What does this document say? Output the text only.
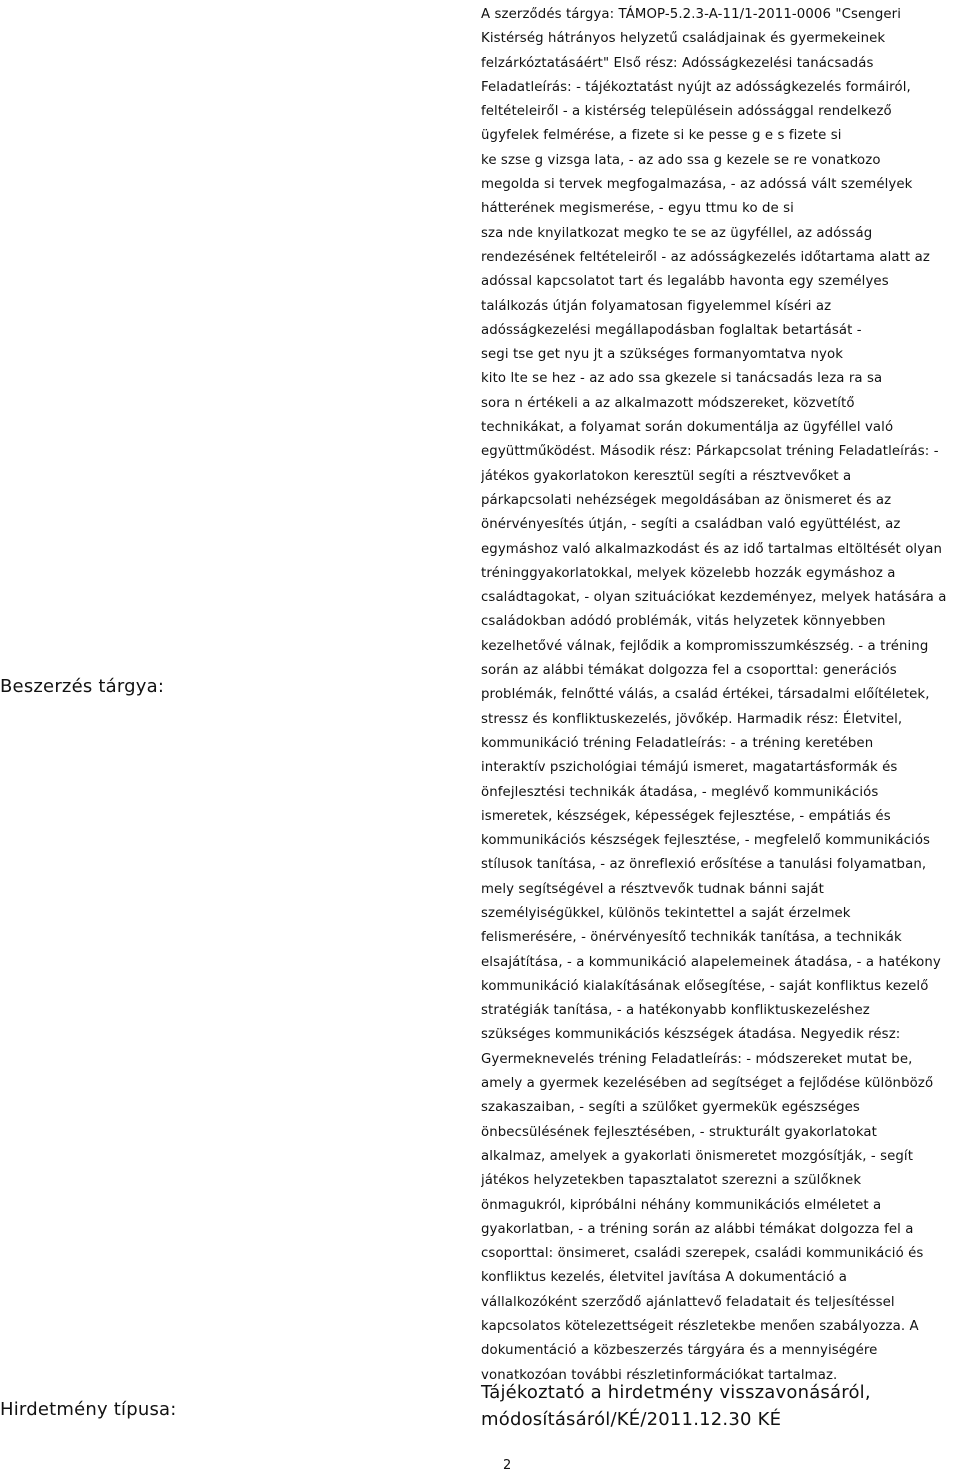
Beszerzés tárgya:
Hirdetmény típusa:
A szerződés tárgya: TÁMOP-5.2.3-A-11/1-2011-0006 "Csengeri
Kistérség hátrányos helyzetű családjainak és gyermekeinek
felzárkóztatásáért" Első rész: Adósságkezelési tanácsadás
Feladatleírás: - tájékoztatást nyújt az adósságkezelés formáiról,
feltételeiről - a kistérség településein adóssággal rendelkező
ügyfelek felmérése, a fizete si ke pesse g e s fizete si
ke szse g vizsga lata, - az ado ssa g kezele se re vonatkozo
megolda si tervek megfogalmazása, - az adóssá vált személyek
hátterének megismerése, - egyu ttmu ko de si
sza nde knyilatkozat megko te se az ügyféllel, az adósság
rendezésének feltételeiről - az adósságkezelés időtartama alatt az
adóssal kapcsolatot tart és legalább havonta egy személyes
találkozás útján folyamatosan figyelemmel kíséri az
adósságkezelési megállapodásban foglaltak betartását -
segi tse get nyu jt a szükséges formanyomtatva nyok
kito lte se hez - az ado ssa gkezele si tanácsadás leza ra sa
sora n értékeli a az alkalmazott módszereket, közvetítő
technikákat, a folyamat során dokumentálja az ügyféllel való
együttműködést. Második rész: Párkapcsolat tréning Feladatleírás: -
játékos gyakorlatokon keresztül segíti a résztvevőket a
párkapcsolati nehézségek megoldásában az önismeret és az
önérvényesítés útján, - segíti a családban való együttélést, az
egymáshoz való alkalmazkodást és az idő tartalmas eltöltését olyan
tréninggyakorlatokkal, melyek közelebb hozzák egymáshoz a
családtagokat, - olyan szituációkat kezdeményez, melyek hatására a
családokban adódó problémák, vitás helyzetek könnyebben
kezelhetővé válnak, fejlődik a kompromisszumkészség. - a tréning
során az alábbi témákat dolgozza fel a csoporttal: generációs
problémák, felnőtté válás, a család értékei, társadalmi előítéletek,
stressz és konfliktuskezelés, jövőkép. Harmadik rész: Életvitel,
kommunikáció tréning Feladatleírás: - a tréning keretében
interaktív pszichológiai témájú ismeret, magatartásformák és
önfejlesztési technikák átadása, - meglévő kommunikációs
ismeretek, készségek, képességek fejlesztése, - empátiás és
kommunikációs készségek fejlesztése, - megfelelő kommunikációs
stílusok tanítása, - az önreflexió erősítése a tanulási folyamatban,
mely segítségével a résztvevők tudnak bánni saját
személyiségükkel, különös tekintettel a saját érzelmek
felismerésére, - önérvényesítő technikák tanítása, a technikák
elsajátítása, - a kommunikáció alapelemeinek átadása, - a hatékony
kommunikáció kialakításának elősegítése, - saját konfliktus kezelő
stratégiák tanítása, - a hatékonyabb konfliktuskezeléshez
szükséges kommunikációs készségek átadása. Negyedik rész:
Gyermeknevelés tréning Feladatleírás: - módszereket mutat be,
amely a gyermek kezelésében ad segítséget a fejlődése különböző
szakaszaiban, - segíti a szülőket gyermekük egészséges
önbecsülésének fejlesztésében, - strukturált gyakorlatokat
alkalmaz, amelyek a gyakorlati önismeretet mozgósítják, - segít
játékos helyzetekben tapasztalatot szerezni a szülőknek
önmagukról, kipróbálni néhány kommunikációs elméletet a
gyakorlatban, - a tréning során az alábbi témákat dolgozza fel a
csoporttal: önsimeret, családi szerepek, családi kommunikáció és
konfliktus kezelés, életvitel javítása A dokumentáció a
vállalkozóként szerződő ajánlattevő feladatait és teljesítéssel
kapcsolatos kötelezettségeit részletekbe menően szabályozza. A
dokumentáció a közbeszerzés tárgyára és a mennyiségére
vonatkozóan további részletinformációkat tartalmaz.
Tájékoztató a hirdetmény visszavonásáról,
módosításáról/KÉ/2011.12.30 KÉ
2
